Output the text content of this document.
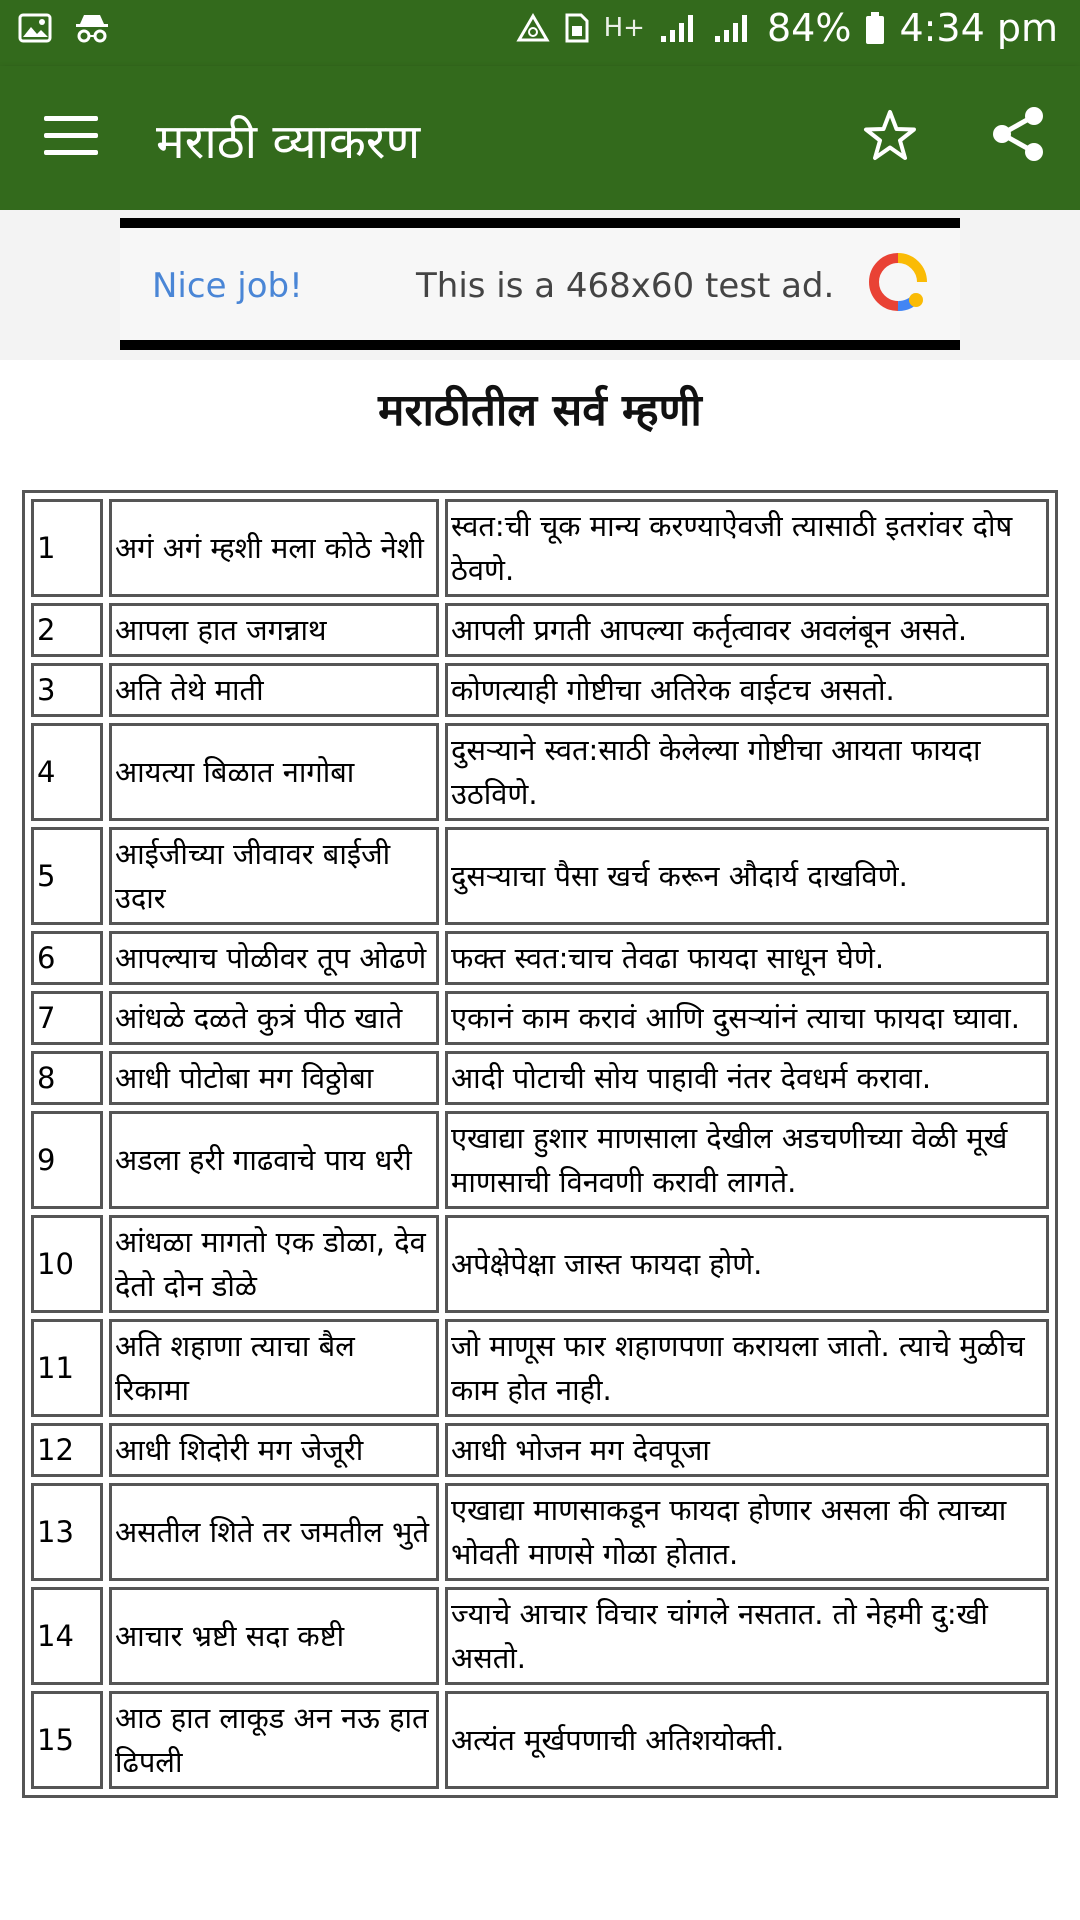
H+	84% 4:34 pm
मराठी व्याकरण
Nice job!	This is a 468x60 test ad.
मराठीतील सर्व म्हणी
1	अगं अगं म्हशी मला कोठे नेशी	स्वत:ची चूक मान्य करण्याऐवजी त्यासाठी इतरांवर दोष ठेवणे.
2	आपला हात जगन्नाथ	आपली प्रगती आपल्या कर्तृत्वावर अवलंबून असते.
3	अति तेथे माती	कोणत्याही गोष्टीचा अतिरेक वाईटच असतो.
4	आयत्या बिळात नागोबा	दुसऱ्याने स्वत:साठी केलेल्या गोष्टीचा आयता फायदा उठविणे.
5	आईजीच्या जीवावर बाईजी उदार	दुसऱ्याचा पैसा खर्च करून औदार्य दाखविणे.
6	आपल्याच पोळीवर तूप ओढणे	फक्त स्वत:चाच तेवढा फायदा साधून घेणे.
7	आंधळे दळते कुत्रं पीठ खाते	एकानं काम करावं आणि दुसऱ्यांनं त्याचा फायदा घ्यावा.
8	आधी पोटोबा मग विठ्ठोबा	आदी पोटाची सोय पाहावी नंतर देवधर्म करावा.
9	अडला हरी गाढवाचे पाय धरी	एखाद्या हुशार माणसाला देखील अडचणीच्या वेळी मूर्ख माणसाची विनवणी करावी लागते.
10	आंधळा मागतो एक डोळा, देव देतो दोन डोळे	अपेक्षेपेक्षा जास्त फायदा होणे.
11	अति शहाणा त्याचा बैल रिकामा	जो माणूस फार शहाणपणा करायला जातो. त्याचे मुळीच काम होत नाही.
12	आधी शिदोरी मग जेजूरी	आधी भोजन मग देवपूजा
13	असतील शिते तर जमतील भुते	एखाद्या माणसाकडून फायदा होणार असला की त्याच्या भोवती माणसे गोळा होतात.
14	आचार भ्रष्टी सदा कष्टी	ज्याचे आचार विचार चांगले नसतात. तो नेहमी दु:खी असतो.
15	आठ हात लाकूड अन नऊ हात ढिपली	अत्यंत मूर्खपणाची अतिशयोक्ती.
